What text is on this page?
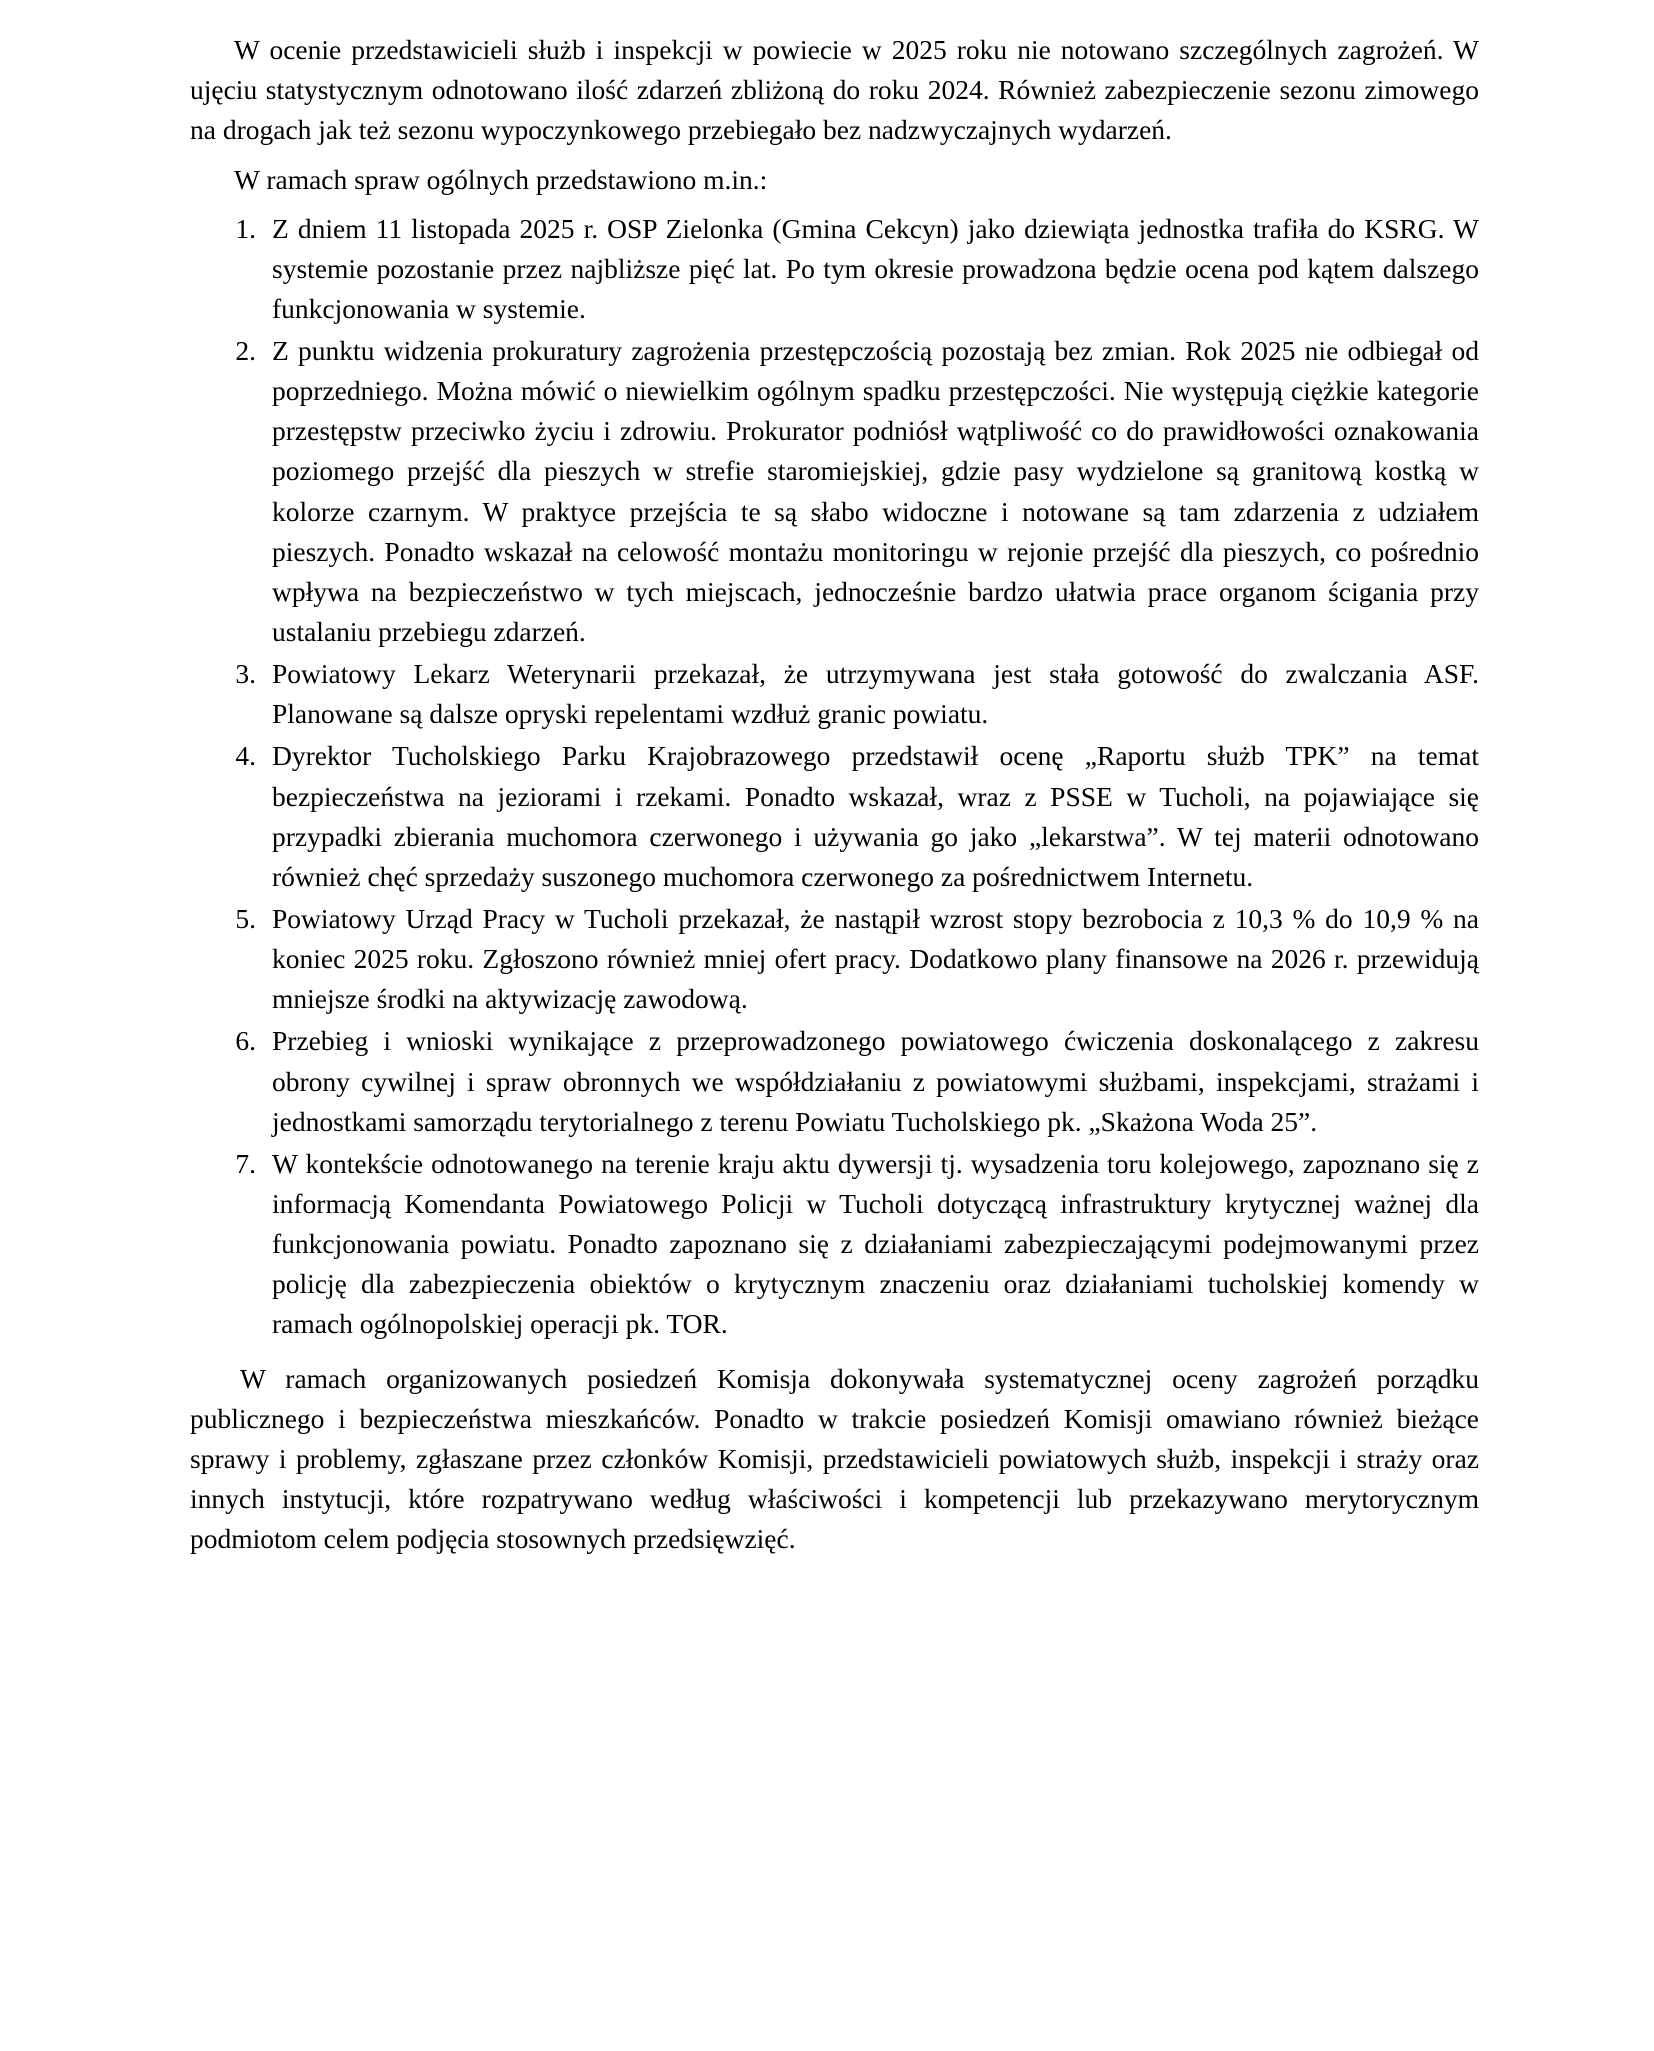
W ocenie przedstawicieli służb i inspekcji w powiecie w 2025 roku nie notowano szczególnych zagrożeń. W ujęciu statystycznym odnotowano ilość zdarzeń zbliżoną do roku 2024. Również zabezpieczenie sezonu zimowego na drogach jak też sezonu wypoczynkowego przebiegało bez nadzwyczajnych wydarzeń.

W ramach spraw ogólnych przedstawiono m.in.:

Z dniem 11 listopada 2025 r. OSP Zielonka (Gmina Cekcyn) jako dziewiąta jednostka trafiła do KSRG. W systemie pozostanie przez najbliższe pięć lat. Po tym okresie prowadzona będzie ocena pod kątem dalszego funkcjonowania w systemie.
Z punktu widzenia prokuratury zagrożenia przestępczością pozostają bez zmian. Rok 2025 nie odbiegał od poprzedniego. Można mówić o niewielkim ogólnym spadku przestępczości. Nie występują ciężkie kategorie przestępstw przeciwko życiu i zdrowiu. Prokurator podniósł wątpliwość co do prawidłowości oznakowania poziomego przejść dla pieszych w strefie staromiejskiej, gdzie pasy wydzielone są granitową kostką w kolorze czarnym. W praktyce przejścia te są słabo widoczne i notowane są tam zdarzenia z udziałem pieszych. Ponadto wskazał na celowość montażu monitoringu w rejonie przejść dla pieszych, co pośrednio wpływa na bezpieczeństwo w tych miejscach, jednocześnie bardzo ułatwia prace organom ścigania przy ustalaniu przebiegu zdarzeń.
Powiatowy Lekarz Weterynarii przekazał, że utrzymywana jest stała gotowość do zwalczania ASF. Planowane są dalsze opryski repelentami wzdłuż granic powiatu.
Dyrektor Tucholskiego Parku Krajobrazowego przedstawił ocenę „Raportu służb TPK” na temat bezpieczeństwa na jeziorami i rzekami. Ponadto wskazał, wraz z PSSE w Tucholi, na pojawiające się przypadki zbierania muchomora czerwonego i używania go jako „lekarstwa”. W tej materii odnotowano również chęć sprzedaży suszonego muchomora czerwonego za pośrednictwem Internetu.
Powiatowy Urząd Pracy w Tucholi przekazał, że nastąpił wzrost stopy bezrobocia z 10,3 % do 10,9 % na koniec 2025 roku. Zgłoszono również mniej ofert pracy. Dodatkowo plany finansowe na 2026 r. przewidują mniejsze środki na aktywizację zawodową.
Przebieg i wnioski wynikające z przeprowadzonego powiatowego ćwiczenia doskonalącego z zakresu obrony cywilnej i spraw obronnych we współdziałaniu z powiatowymi służbami, inspekcjami, strażami i jednostkami samorządu terytorialnego z terenu Powiatu Tucholskiego pk. „Skażona Woda 25”.
W kontekście odnotowanego na terenie kraju aktu dywersji tj. wysadzenia toru kolejowego, zapoznano się z informacją Komendanta Powiatowego Policji w Tucholi dotyczącą infrastruktury krytycznej ważnej dla funkcjonowania powiatu. Ponadto zapoznano się z działaniami zabezpieczającymi podejmowanymi przez policję dla zabezpieczenia obiektów o krytycznym znaczeniu oraz działaniami tucholskiej komendy w ramach ogólnopolskiej operacji pk. TOR.

W ramach organizowanych posiedzeń Komisja dokonywała systematycznej oceny zagrożeń porządku publicznego i bezpieczeństwa mieszkańców. Ponadto w trakcie posiedzeń Komisji omawiano również bieżące sprawy i problemy, zgłaszane przez członków Komisji, przedstawicieli powiatowych służb, inspekcji i straży oraz innych instytucji, które rozpatrywano według właściwości i kompetencji lub przekazywano merytorycznym podmiotom celem podjęcia stosownych przedsięwzięć.
